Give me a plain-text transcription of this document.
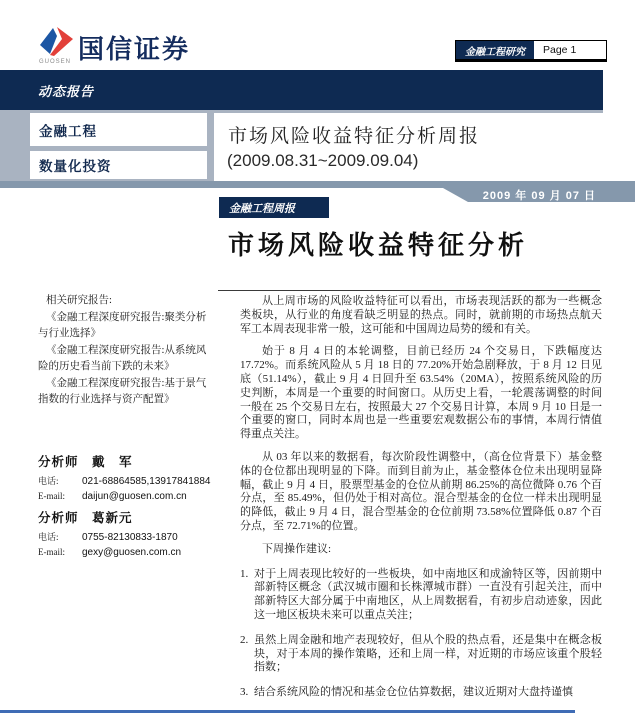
GUOSEN 国信证券	金融工程研究	Page 1
动态报告
金融工程
数量化投资
市场风险收益特征分析周报
(2009.08.31~2009.09.04)
2009 年 09 月 07 日
金融工程周报
市场风险收益特征分析
相关研究报告:
《金融工程深度研究报告:聚类分析与行业选择》
《金融工程深度研究报告:从系统风险的历史看当前下跌的未来》
《金融工程深度研究报告:基于景气指数的行业选择与资产配置》
分析师　戴　军
电话:	021-68864585,13917841884
E-mail:	daijun@guosen.com.cn
分析师　葛新元
电话:	0755-82130833-1870
E-mail:	gexy@guosen.com.cn

从上周市场的风险收益特征可以看出，市场表现活跃的都为一些概念类板块，从行业的角度看缺乏明显的热点。同时，就前期的市场热点航天军工本周表现非常一般，这可能和中国周边局势的缓和有关。

始于 8 月 4 日的本轮调整，目前已经历 24 个交易日，下跌幅度达17.72%。而系统风险从 5 月 18 日的 77.20%开始急剧释放，于 8 月 12 日见底（51.14%），截止 9 月 4 日回升至 63.54%（20MA），按照系统风险的历史判断，本周是一个重要的时间窗口。从历史上看，一轮震荡调整的时间一般在 25 个交易日左右，按照最大 27 个交易日计算，本周 9 月 10 日是一个重要的窗口，同时本周也是一些重要宏观数据公布的事情，本周行情值得重点关注。

从 03 年以来的数据看，每次阶段性调整中，（高仓位背景下）基金整体的仓位都出现明显的下降。而到目前为止，基金整体仓位未出现明显降幅，截止 9 月 4 日，股票型基金的仓位从前期 86.25%的高位微降 0.76 个百分点，至 85.49%，但仍处于相对高位。混合型基金的仓位一样未出现明显的降低，截止 9 月 4 日，混合型基金的仓位前期 73.58%位置降低 0.87 个百分点，至 72.71%的位置。

下周操作建议:

1. 对于上周表现比较好的一些板块，如中南地区和成渝特区等，因前期中部新特区概念（武汉城市圈和长株潭城市群）一直没有引起关注，而中部新特区大部分属于中南地区，从上周数据看，有初步启动迹象，因此这一地区板块未来可以重点关注；
2. 虽然上周金融和地产表现较好，但从个股的热点看，还是集中在概念板块，对于本周的操作策略，还和上周一样，对近期的市场应该重个股轻指数；
3. 结合系统风险的情况和基金仓位估算数据，建议近期对大盘持谨慎
